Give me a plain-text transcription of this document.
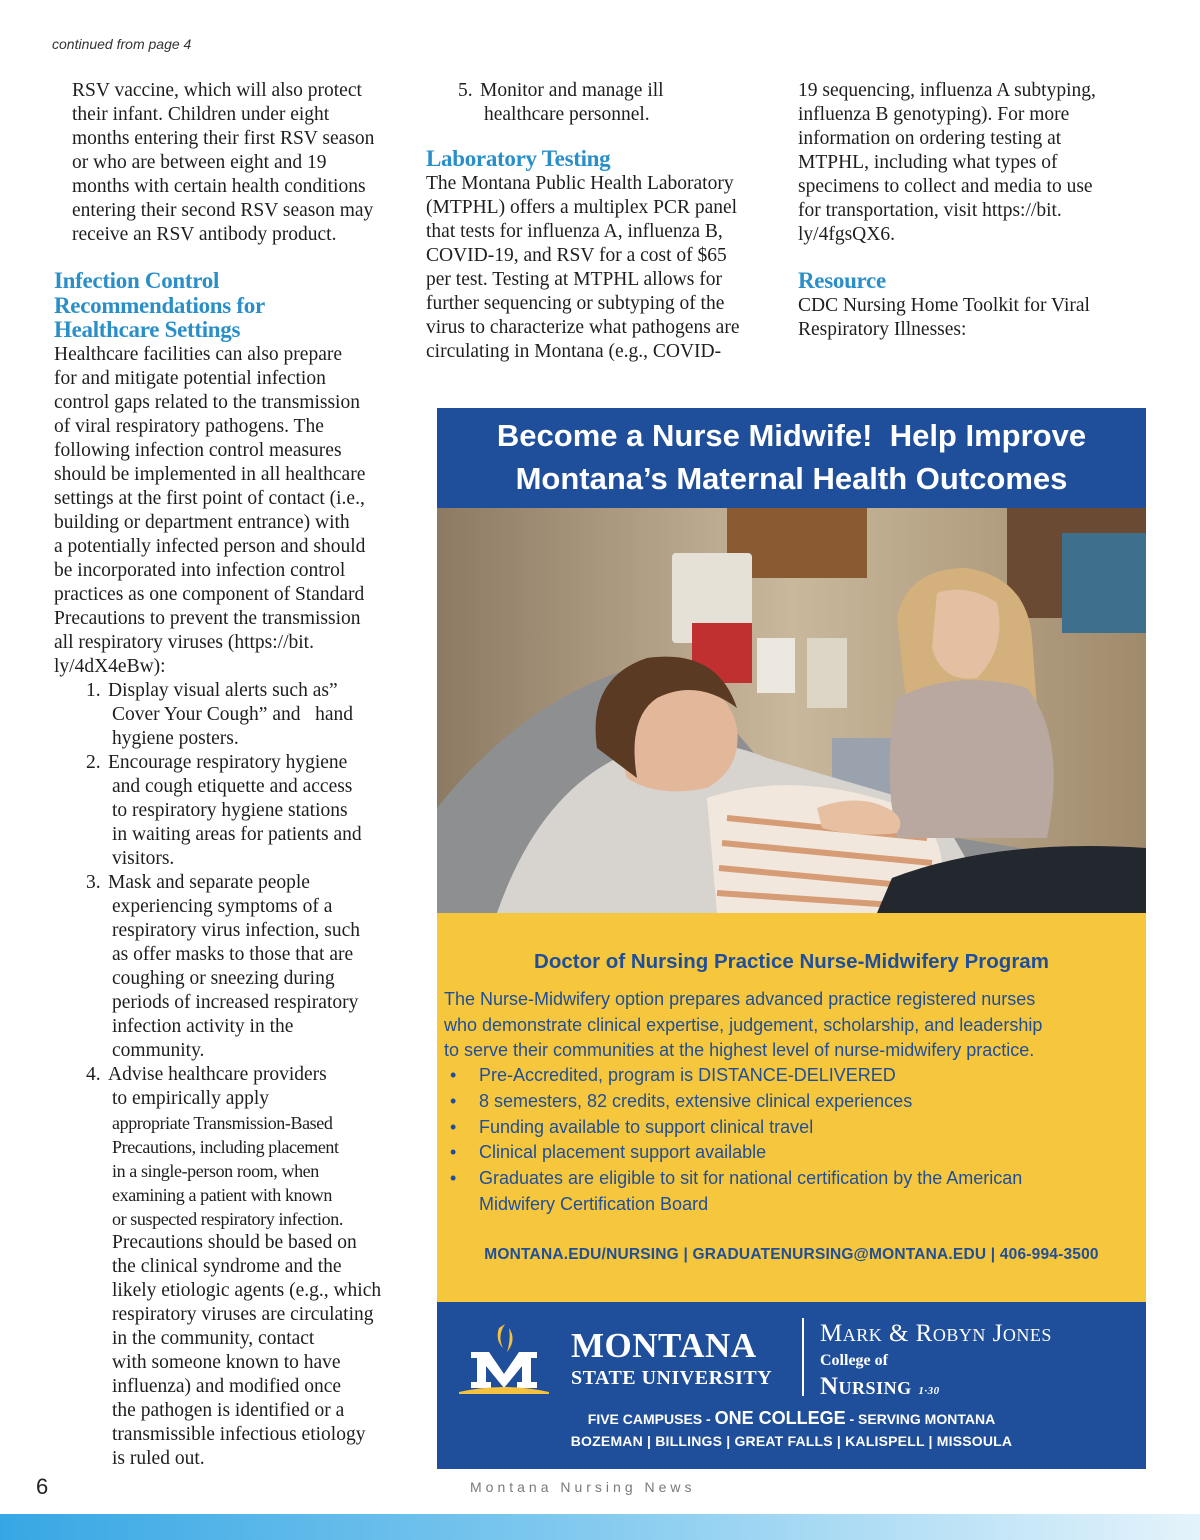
continued from page 4
RSV vaccine, which will also protect
their infant. Children under eight
months entering their first RSV season
or who are between eight and 19
months with certain health conditions
entering their second RSV season may
receive an RSV antibody product.
Infection Control
Recommendations for
Healthcare Settings
Healthcare facilities can also prepare
for and mitigate potential infection
control gaps related to the transmission
of viral respiratory pathogens. The
following infection control measures
should be implemented in all healthcare
settings at the first point of contact (i.e.,
building or department entrance) with
a potentially infected person and should
be incorporated into infection control
practices as one component of Standard
Precautions to prevent the transmission
all respiratory viruses (https://bit.
ly/4dX4eBw):
1. Display visual alerts such as”
Cover Your Cough” and   hand
hygiene posters.
2. Encourage respiratory hygiene
and cough etiquette and access
to respiratory hygiene stations
in waiting areas for patients and
visitors.
3. Mask and separate people
experiencing symptoms of a
respiratory virus infection, such
as offer masks to those that are
coughing or sneezing during
periods of increased respiratory
infection activity in the
community.
4. Advise healthcare providers
to empirically apply
appropriate Transmission-Based
Precautions, including placement
in a single-person room, when
examining a patient with known
or suspected respiratory infection.
Precautions should be based on
the clinical syndrome and the
likely etiologic agents (e.g., which
respiratory viruses are circulating
in the community, contact
with someone known to have
influenza) and modified once
the pathogen is identified or a
transmissible infectious etiology
is ruled out.
5. Monitor and manage ill
healthcare personnel.
Laboratory Testing
The Montana Public Health Laboratory
(MTPHL) offers a multiplex PCR panel
that tests for influenza A, influenza B,
COVID-19, and RSV for a cost of $65
per test. Testing at MTPHL allows for
further sequencing or subtyping of the
virus to characterize what pathogens are
circulating in Montana (e.g., COVID-
19 sequencing, influenza A subtyping,
influenza B genotyping). For more
information on ordering testing at
MTPHL, including what types of
specimens to collect and media to use
for transportation, visit https://bit.
ly/4fgsQX6.
Resource
CDC Nursing Home Toolkit for Viral
Respiratory Illnesses:
Become a Nurse Midwife!  Help Improve
Montana’s Maternal Health Outcomes
Doctor of Nursing Practice Nurse-Midwifery Program
The Nurse-Midwifery option prepares advanced practice registered nurses
who demonstrate clinical expertise, judgement, scholarship, and leadership
to serve their communities at the highest level of nurse-midwifery practice.
• Pre-Accredited, program is DISTANCE-DELIVERED
• 8 semesters, 82 credits, extensive clinical experiences
• Funding available to support clinical travel
• Clinical placement support available
• Graduates are eligible to sit for national certification by the American
Midwifery Certification Board
MONTANA.EDU/NURSING | GRADUATENURSING@MONTANA.EDU | 406-994-3500
MONTANA
STATE UNIVERSITY
Mark & Robyn Jones
College of
Nursing 1·30
FIVE CAMPUSES - ONE COLLEGE - SERVING MONTANA
BOZEMAN | BILLINGS | GREAT FALLS | KALISPELL | MISSOULA
6	Montana Nursing News
